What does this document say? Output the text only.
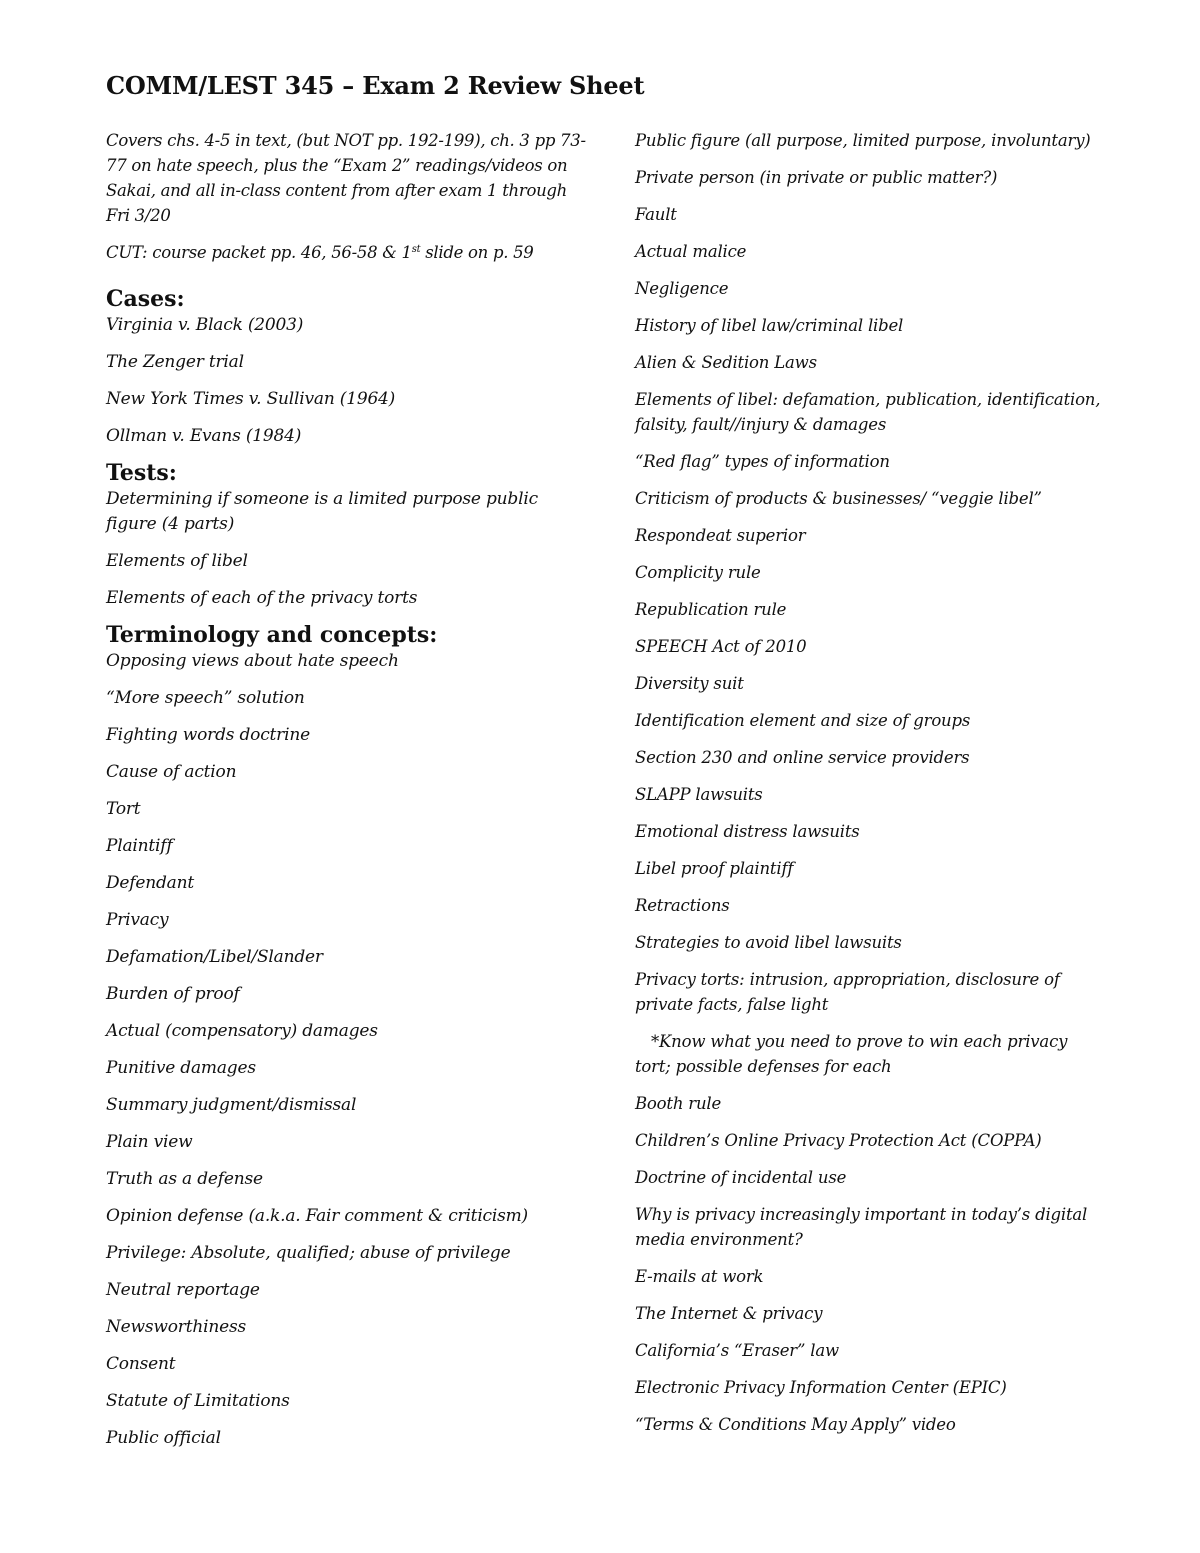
COMM/LEST 345 – Exam 2 Review Sheet

Covers chs. 4-5 in text, (but NOT pp. 192-199), ch. 3 pp 73-77 on hate speech, plus the “Exam 2” readings/videos on Sakai, and all in-class content from after exam 1 through Fri 3/20

CUT: course packet pp. 46, 56-58 & 1st slide on p. 59

Cases:

Virginia v. Black (2003)

The Zenger trial

New York Times v. Sullivan (1964)

Ollman v. Evans (1984)

Tests:

Determining if someone is a limited purpose public figure (4 parts)

Elements of libel

Elements of each of the privacy torts

Terminology and concepts:

Opposing views about hate speech

“More speech” solution

Fighting words doctrine

Cause of action

Tort

Plaintiff

Defendant

Privacy

Defamation/Libel/Slander

Burden of proof

Actual (compensatory) damages

Punitive damages

Summary judgment/dismissal

Plain view

Truth as a defense

Opinion defense (a.k.a. Fair comment & criticism)

Privilege: Absolute, qualified; abuse of privilege

Neutral reportage

Newsworthiness

Consent

Statute of Limitations

Public official

Public figure (all purpose, limited purpose, involuntary)

Private person (in private or public matter?)

Fault

Actual malice

Negligence

History of libel law/criminal libel

Alien & Sedition Laws

Elements of libel: defamation, publication, identification, falsity, fault//injury & damages

“Red flag” types of information

Criticism of products & businesses/ “veggie libel”

Respondeat superior

Complicity rule

Republication rule

SPEECH Act of 2010

Diversity suit

Identification element and size of groups

Section 230 and online service providers

SLAPP lawsuits

Emotional distress lawsuits

Libel proof plaintiff

Retractions

Strategies to avoid libel lawsuits

Privacy torts: intrusion, appropriation, disclosure of private facts, false light

*Know what you need to prove to win each privacy tort; possible defenses for each

Booth rule

Children’s Online Privacy Protection Act (COPPA)

Doctrine of incidental use

Why is privacy increasingly important in today’s digital media environment?

E-mails at work

The Internet & privacy

California’s “Eraser” law

Electronic Privacy Information Center (EPIC)

“Terms & Conditions May Apply” video
